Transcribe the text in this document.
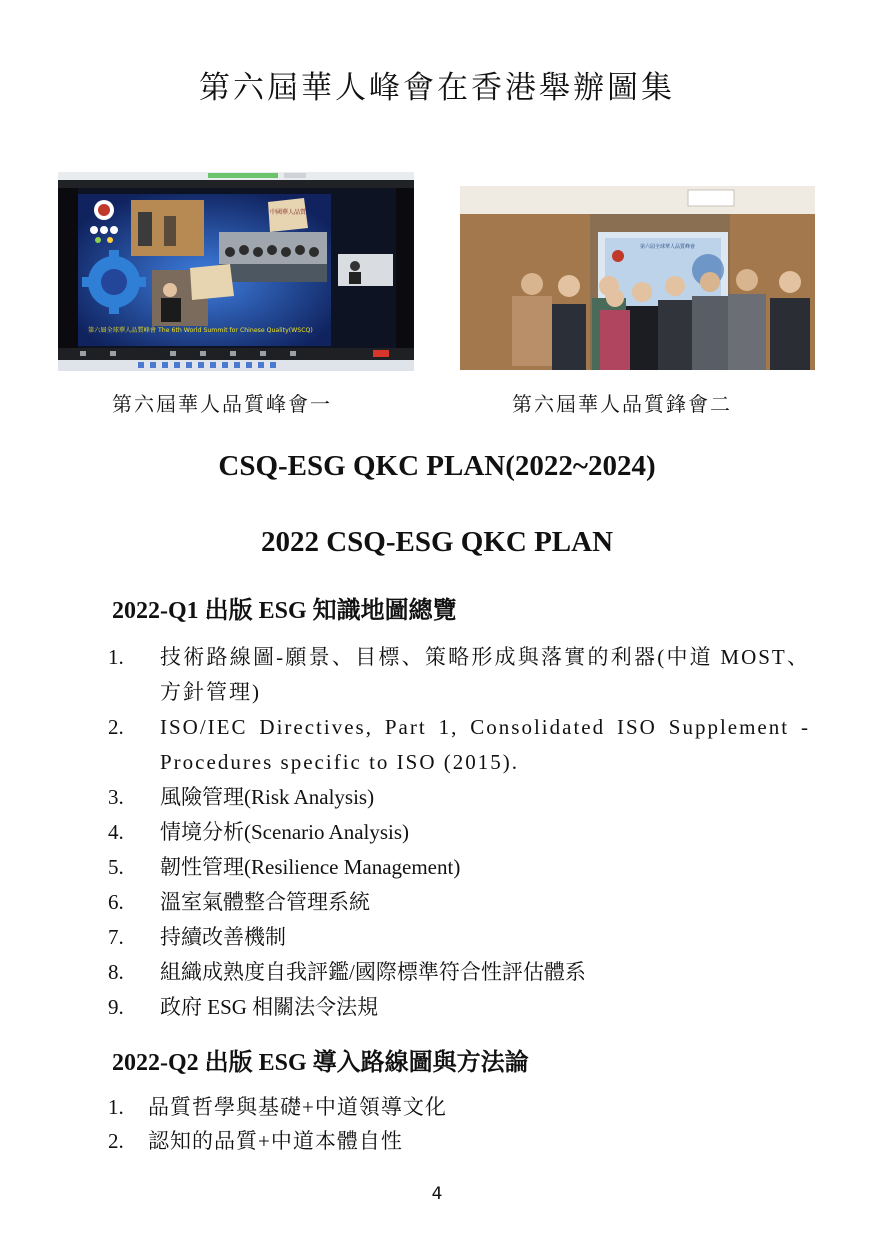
第六屆華人峰會在香港舉辦圖集
中國華人品質
第六屆全球華人品質峰會 The 6th World Summit for Chinese Quality(WSCQ)
第六屆全球華人品質峰會
第六屆華人品質峰會一	第六屆華人品質鋒會二
CSQ-ESG QKC PLAN(2022~2024)
2022 CSQ-ESG QKC PLAN
2022-Q1 出版 ESG 知識地圖總覽
1.	技術路線圖-願景、目標、策略形成與落實的利器(中道 MOST、方針管理)
2.	ISO/IEC Directives, Part 1, Consolidated ISO Supplement - Procedures specific to ISO (2015).
3.	風險管理(Risk Analysis)
4.	情境分析(Scenario Analysis)
5.	韌性管理(Resilience Management)
6.	溫室氣體整合管理系統
7.	持續改善機制
8.	組織成熟度自我評鑑/國際標準符合性評估體系
9.	政府 ESG 相關法令法規
2022-Q2 出版 ESG 導入路線圖與方法論
1. 品質哲學與基礎+中道領導文化
2. 認知的品質+中道本體自性
4
